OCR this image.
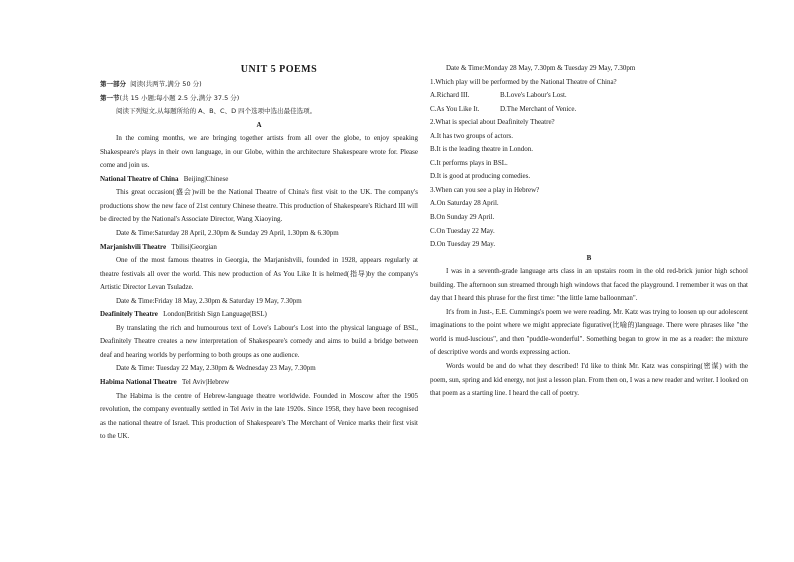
UNIT 5 POEMS

第一部分 阅读(共两节,满分 50 分)

第一节(共 15 小题;每小题 2.5 分,满分 37.5 分)

阅读下列短文,从每题所给的 A、B、C、D 四个选项中选出最佳选项。

A

In the coming months, we are bringing together artists from all over the globe, to enjoy speaking Shakespeare's plays in their own language, in our Globe, within the architecture Shakespeare wrote for. Please come and join us.

National Theatre of China Beijing|Chinese

This great occasion(盛会)will be the National Theatre of China's first visit to the UK. The company's productions show the new face of 21st century Chinese theatre. This production of Shakespeare's Richard III will be directed by the National's Associate Director, Wang Xiaoying.

Date & Time:Saturday 28 April, 2.30pm & Sunday 29 April, 1.30pm & 6.30pm

Marjanishvili Theatre Tbilisi|Georgian

One of the most famous theatres in Georgia, the Marjanishvili, founded in 1928, appears regularly at theatre festivals all over the world. This new production of As You Like It is helmed(指导)by the company's Artistic Director Levan Tsuladze.

Date & Time:Friday 18 May, 2.30pm & Saturday 19 May, 7.30pm

Deafinitely Theatre London|British Sign Language(BSL)

By translating the rich and humourous text of Love's Labour's Lost into the physical language of BSL, Deafinitely Theatre creates a new interpretation of Shakespeare's comedy and aims to build a bridge between deaf and hearing worlds by performing to both groups as one audience.

Date & Time: Tuesday 22 May, 2.30pm & Wednesday 23 May, 7.30pm

Habima National Theatre Tel Aviv|Hebrew

The Habima is the centre of Hebrew-language theatre worldwide. Founded in Moscow after the 1905 revolution, the company eventually settled in Tel Aviv in the late 1920s. Since 1958, they have been recognised as the national theatre of Israel. This production of Shakespeare's The Merchant of Venice marks their first visit to the UK.

Date & Time:Monday 28 May, 7.30pm & Tuesday 29 May, 7.30pm

1.Which play will be performed by the National Theatre of China?

A.Richard III.	B.Love's Labour's Lost.

C.As You Like It.	D.The Merchant of Venice.

2.What is special about Deafinitely Theatre?

A.It has two groups of actors.

B.It is the leading theatre in London.

C.It performs plays in BSL.

D.It is good at producing comedies.

3.When can you see a play in Hebrew?

A.On Saturday 28 April.

B.On Sunday 29 April.

C.On Tuesday 22 May.

D.On Tuesday 29 May.

B

I was in a seventh-grade language arts class in an upstairs room in the old red-brick junior high school building. The afternoon sun streamed through high windows that faced the playground. I remember it was on that day that I heard this phrase for the first time: "the little lame balloonman".

It's from in Just-, E.E. Cummings's poem we were reading. Mr. Katz was trying to loosen up our adolescent imaginations to the point where we might appreciate figurative(比喻的)language. There were phrases like "the world is mud-luscious", and then "puddle-wonderful". Something began to grow in me as a reader: the mixture of descriptive words and words expressing action.

Words would be and do what they described! I'd like to think Mr. Katz was conspiring(密谋) with the poem, sun, spring and kid energy, not just a lesson plan. From then on, I was a new reader and writer. I looked on that poem as a starting line. I heard the call of poetry.
